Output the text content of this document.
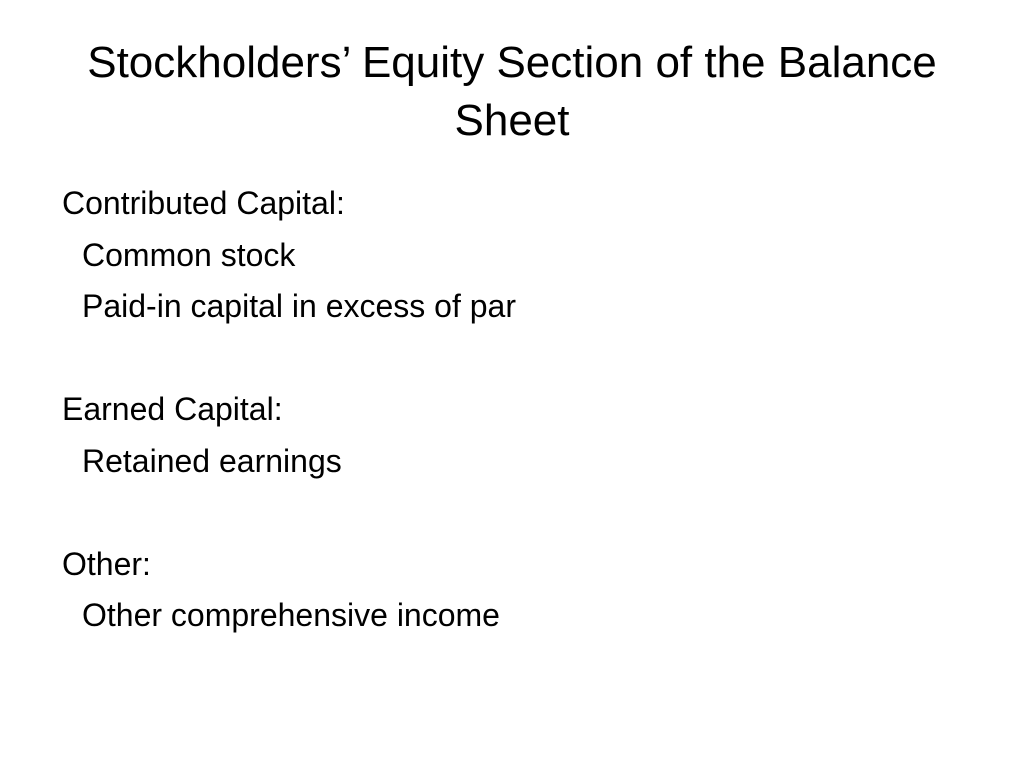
Stockholders’ Equity Section of the Balance Sheet
Contributed Capital:
Common stock
Paid-in capital in excess of par
Earned Capital:
Retained earnings
Other:
Other comprehensive income
